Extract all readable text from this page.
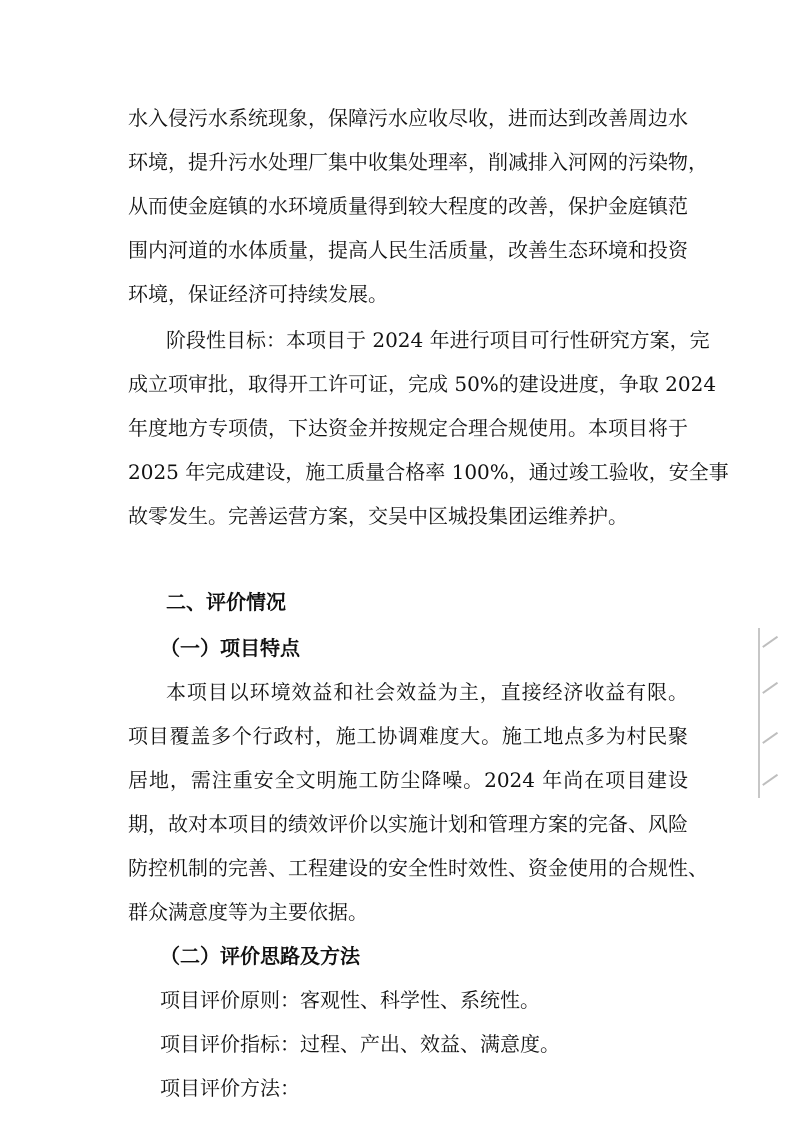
水入侵污水系统现象，保障污水应收尽收，进而达到改善周边水
环境，提升污水处理厂集中收集处理率，削减排入河网的污染物，
从而使金庭镇的水环境质量得到较大程度的改善，保护金庭镇范
围内河道的水体质量，提高人民生活质量，改善生态环境和投资
环境，保证经济可持续发展。
阶段性目标：本项目于 2024 年进行项目可行性研究方案，完
成立项审批，取得开工许可证，完成 50%的建设进度，争取 2024
年度地方专项债，下达资金并按规定合理合规使用。本项目将于
2025 年完成建设，施工质量合格率 100%，通过竣工验收，安全事
故零发生。完善运营方案，交吴中区城投集团运维养护。
二、评价情况
（一）项目特点
本项目以环境效益和社会效益为主，直接经济收益有限。
项目覆盖多个行政村，施工协调难度大。施工地点多为村民聚
居地，需注重安全文明施工防尘降噪。2024 年尚在项目建设
期，故对本项目的绩效评价以实施计划和管理方案的完备、风险
防控机制的完善、工程建设的安全性时效性、资金使用的合规性、
群众满意度等为主要依据。
（二）评价思路及方法
项目评价原则：客观性、科学性、系统性。
项目评价指标：过程、产出、效益、满意度。
项目评价方法：
